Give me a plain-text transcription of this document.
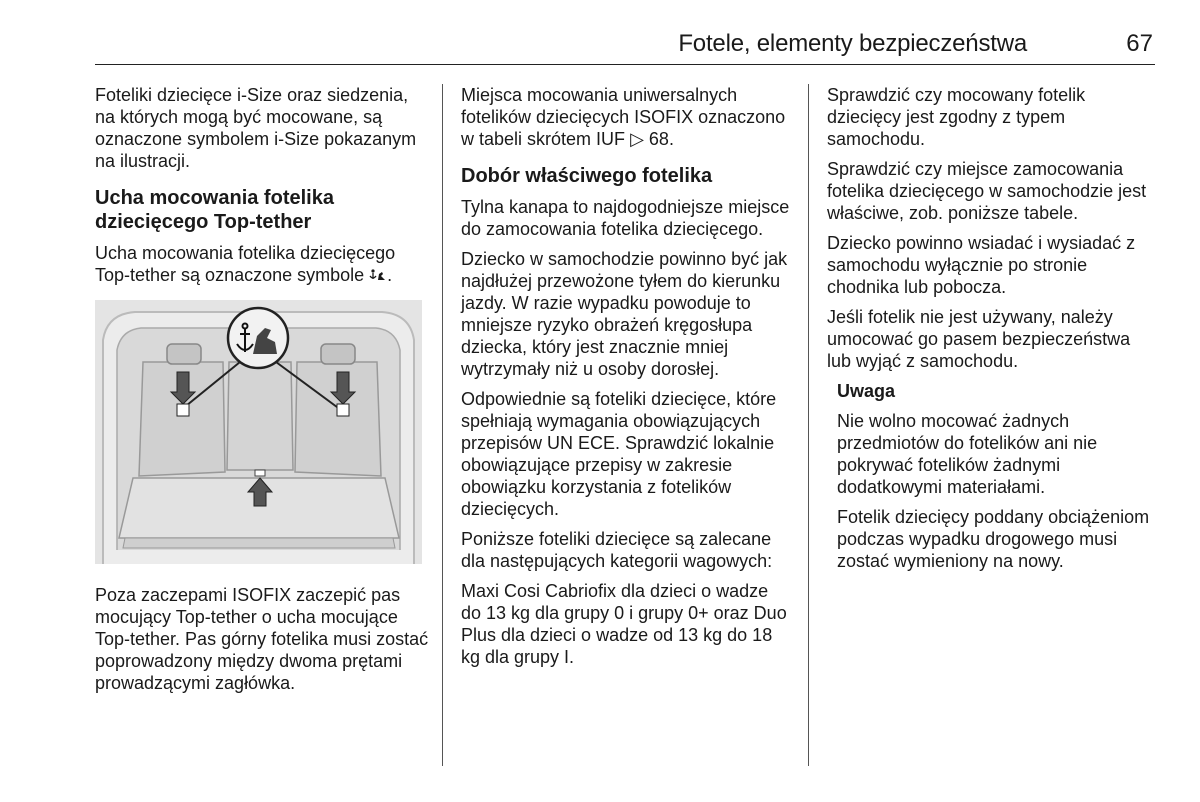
Fotele, elementy bezpieczeństwa	67

Foteliki dziecięce i-Size oraz siedzenia, na których mogą być mocowane, są oznaczone symbolem i-Size pokazanym na ilustracji.

Ucha mocowania fotelika dziecięcego Top-tether

Ucha mocowania fotelika dziecięcego Top-tether są oznaczone symbole .

Poza zaczepami ISOFIX zaczepić pas mocujący Top-tether o ucha mocujące Top-tether. Pas górny fotelika musi zostać poprowadzony między dwoma prętami prowadzącymi zagłówka.

Miejsca mocowania uniwersalnych fotelików dziecięcych ISOFIX oznaczono w tabeli skrótem IUF ▷ 68.

Dobór właściwego fotelika

Tylna kanapa to najdogodniejsze miejsce do zamocowania fotelika dziecięcego.

Dziecko w samochodzie powinno być jak najdłużej przewożone tyłem do kierunku jazdy. W razie wypadku powoduje to mniejsze ryzyko obrażeń kręgosłupa dziecka, który jest znacznie mniej wytrzymały niż u osoby dorosłej.

Odpowiednie są foteliki dziecięce, które spełniają wymagania obowiązujących przepisów UN ECE. Sprawdzić lokalnie obowiązujące przepisy w zakresie obowiązku korzystania z fotelików dziecięcych.

Poniższe foteliki dziecięce są zalecane dla następujących kategorii wagowych:

Maxi Cosi Cabriofix dla dzieci o wadze do 13 kg dla grupy 0 i grupy 0+ oraz Duo Plus dla dzieci o wadze od 13 kg do 18 kg dla grupy I.

Sprawdzić czy mocowany fotelik dziecięcy jest zgodny z typem samochodu.

Sprawdzić czy miejsce zamocowania fotelika dziecięcego w samochodzie jest właściwe, zob. poniższe tabele.

Dziecko powinno wsiadać i wysiadać z samochodu wyłącznie po stronie chodnika lub pobocza.

Jeśli fotelik nie jest używany, należy umocować go pasem bezpieczeństwa lub wyjąć z samochodu.

Uwaga

Nie wolno mocować żadnych przedmiotów do fotelików ani nie pokrywać fotelików żadnymi dodatkowymi materiałami.

Fotelik dziecięcy poddany obciążeniom podczas wypadku drogowego musi zostać wymieniony na nowy.
